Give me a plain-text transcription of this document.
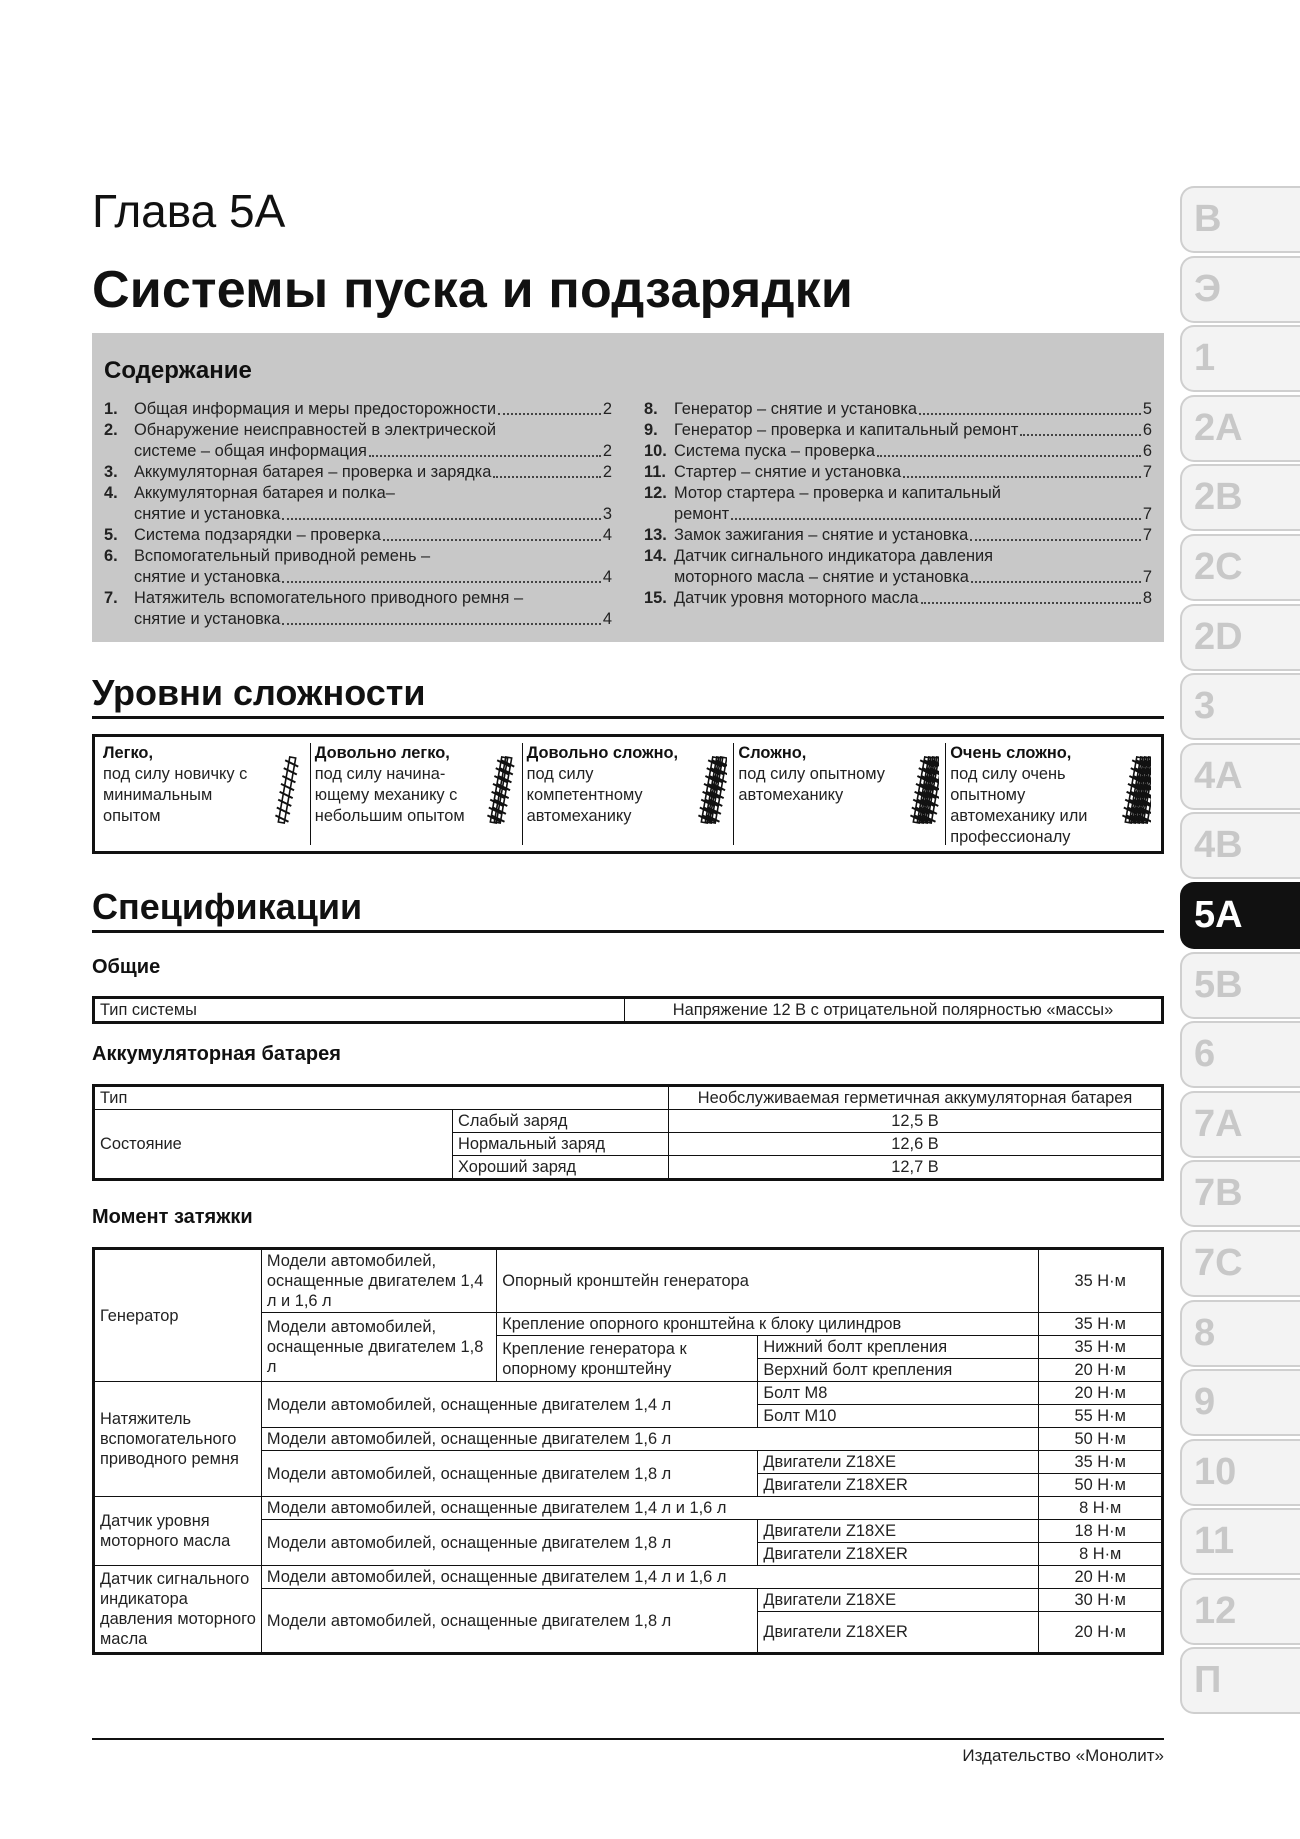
B
Э
1
2A
2B
2C
2D
3
4A
4B
5A
5B
6
7A
7B
7C
8
9
10
11
12
П
Глава 5A
Системы пуска и подзарядки
Содержание
1. Общая информация и меры предосторожности	2
2. Обнаружение неисправностей в электрической
системе – общая информация	2
3. Аккумуляторная батарея – проверка и зарядка	2
4. Аккумуляторная батарея и полка–
снятие и установка	3
5. Система подзарядки – проверка	4
6. Вспомогательный приводной ремень –
снятие и установка	4
7. Натяжитель вспомогательного приводного ремня –
снятие и установка	4
8. Генератор – снятие и установка	5
9. Генератор – проверка и капитальный ремонт	6
10. Система пуска – проверка	6
11. Стартер – снятие и установка	7
12. Мотор стартера – проверка и капитальный
ремонт	7
13. Замок зажигания – снятие и установка	7
14. Датчик сигнального индикатора давления
моторного масла – снятие и установка	7
15. Датчик уровня моторного масла	8
Уровни сложности
Легко,
под силу новичку с минимальным опытом
Довольно легко,
под силу начина-ющему механику с небольшим опытом
Довольно сложно,
под силу компетентному автомеханику
Сложно,
под силу опытному автомеханику
Очень сложно,
под силу очень опытному автомеханику или профессионалу
Спецификации
Общие
Тип системы	Напряжение 12 В с отрицательной полярностью «массы»
Аккумуляторная батарея
Тип		Необслуживаемая герметичная аккумуляторная батарея
Состояние	Слабый заряд	12,5 В
	Нормальный заряд	12,6 В
	Хороший заряд	12,7 В
Момент затяжки
Генератор	Модели автомобилей, оснащенные двигателем 1,4 л и 1,6 л	Опорный кронштейн генератора		35 Н·м
	Модели автомобилей, оснащенные двигателем 1,8 л	Крепление опорного кронштейна к блоку цилиндров		35 Н·м
		Крепление генератора к опорному кронштейну	Нижний болт крепления	35 Н·м
			Верхний болт крепления	20 Н·м
Натяжитель вспомогательного приводного ремня	Модели автомобилей, оснащенные двигателем 1,4 л		Болт M8	20 Н·м
			Болт M10	55 Н·м
	Модели автомобилей, оснащенные двигателем 1,6 л			50 Н·м
	Модели автомобилей, оснащенные двигателем 1,8 л		Двигатели Z18XE	35 Н·м
			Двигатели Z18XER	50 Н·м
Датчик уровня моторного масла	Модели автомобилей, оснащенные двигателем 1,4 л и 1,6 л			8 Н·м
	Модели автомобилей, оснащенные двигателем 1,8 л		Двигатели Z18XE	18 Н·м
			Двигатели Z18XER	8 Н·м
Датчик сигнального индикатора давления моторного масла	Модели автомобилей, оснащенные двигателем 1,4 л и 1,6 л			20 Н·м
	Модели автомобилей, оснащенные двигателем 1,8 л		Двигатели Z18XE	30 Н·м
			Двигатели Z18XER	20 Н·м
Издательство «Монолит»
